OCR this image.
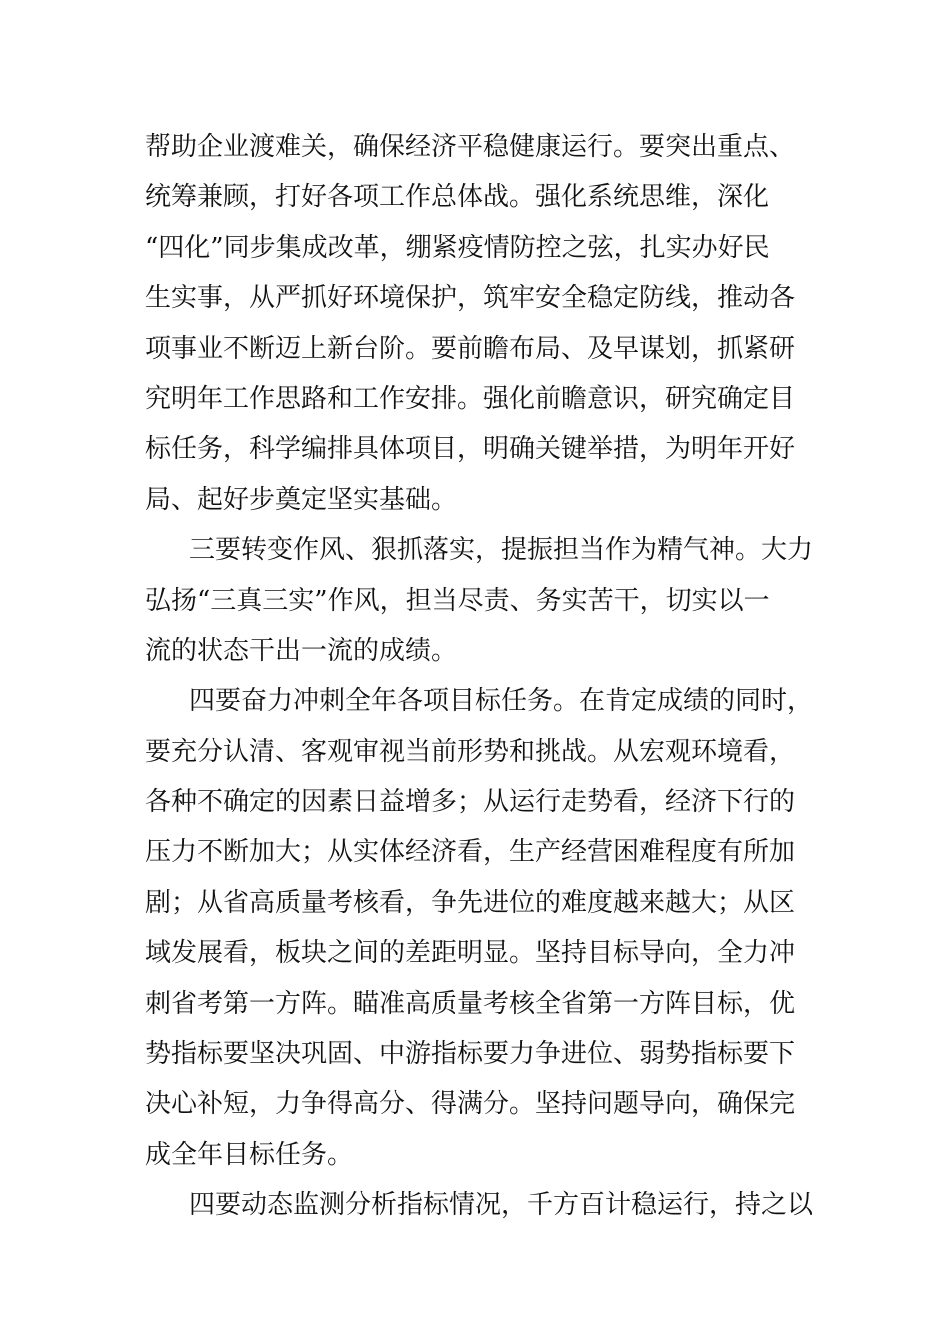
帮助企业渡难关，确保经济平稳健康运行。要突出重点、
统筹兼顾，打好各项工作总体战。强化系统思维，深化
“四化”同步集成改革，绷紧疫情防控之弦，扎实办好民
生实事，从严抓好环境保护，筑牢安全稳定防线，推动各
项事业不断迈上新台阶。要前瞻布局、及早谋划，抓紧研
究明年工作思路和工作安排。强化前瞻意识，研究确定目
标任务，科学编排具体项目，明确关键举措，为明年开好
局、起好步奠定坚实基础。
三要转变作风、狠抓落实，提振担当作为精气神。大力
弘扬“三真三实”作风，担当尽责、务实苦干，切实以一
流的状态干出一流的成绩。
四要奋力冲刺全年各项目标任务。在肯定成绩的同时，
要充分认清、客观审视当前形势和挑战。从宏观环境看，
各种不确定的因素日益增多；从运行走势看，经济下行的
压力不断加大；从实体经济看，生产经营困难程度有所加
剧；从省高质量考核看，争先进位的难度越来越大；从区
域发展看，板块之间的差距明显。坚持目标导向，全力冲
刺省考第一方阵。瞄准高质量考核全省第一方阵目标，优
势指标要坚决巩固、中游指标要力争进位、弱势指标要下
决心补短，力争得高分、得满分。坚持问题导向，确保完
成全年目标任务。
四要动态监测分析指标情况，千方百计稳运行，持之以
